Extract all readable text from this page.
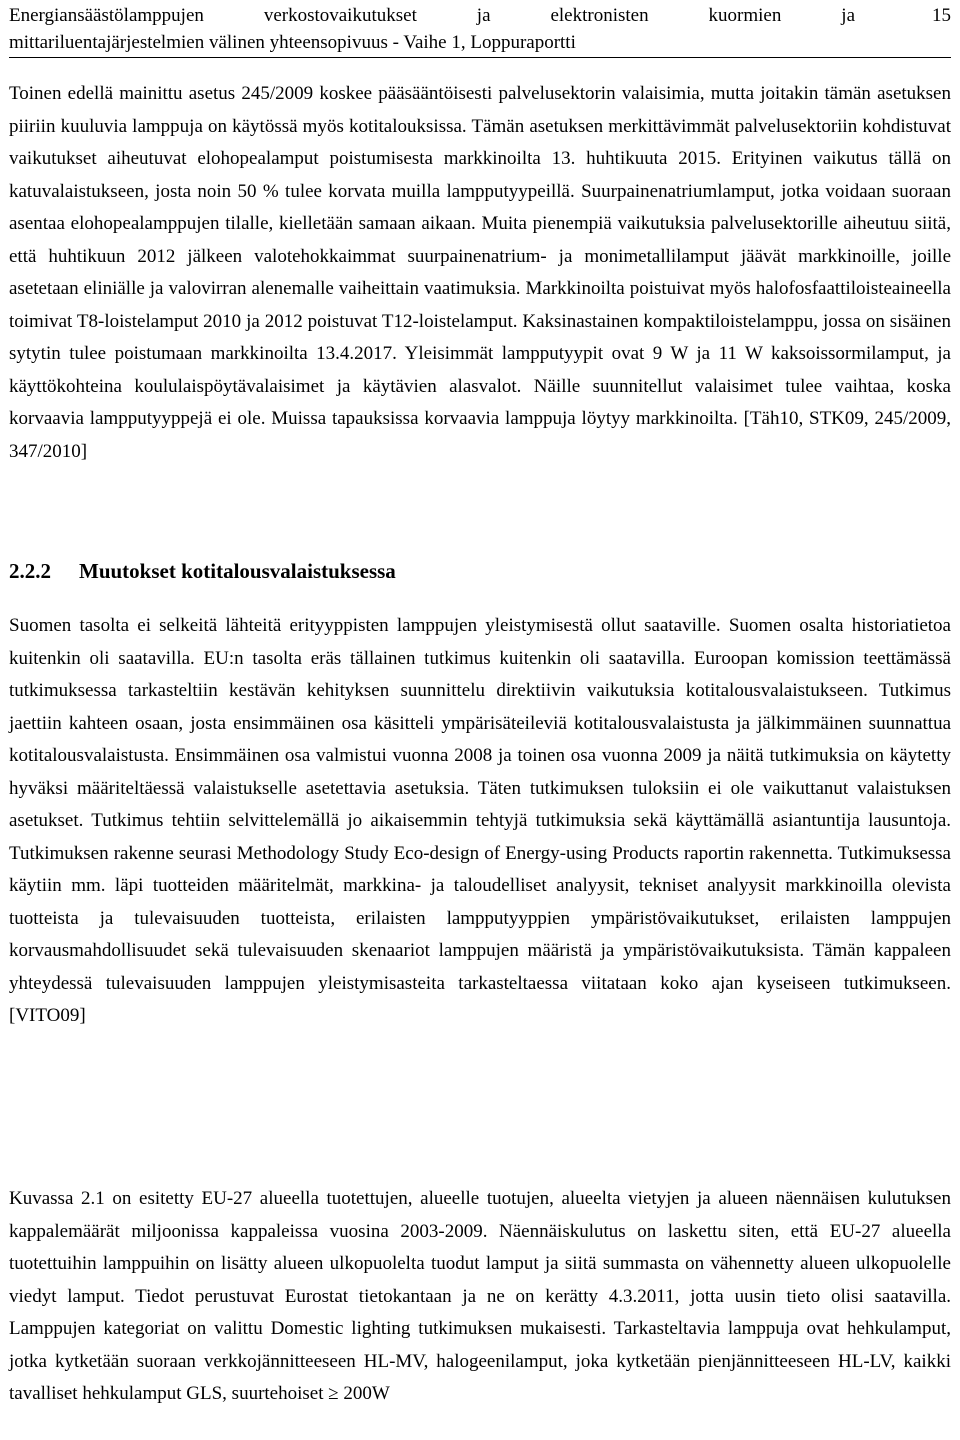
Energiansäästölamppujen verkostovaikutukset ja elektronisten kuormien ja
mittariluentajärjestelmien välinen yhteensopivuus - Vaihe 1, Loppuraportti
15

Toinen edellä mainittu asetus 245/2009 koskee pääsääntöisesti palvelusektorin valaisimia, mutta joitakin tämän asetuksen piiriin kuuluvia lamppuja on käytössä myös kotitalouksissa. Tämän asetuksen merkittävimmät palvelusektoriin kohdistuvat vaikutukset aiheutuvat elohopealamput poistumisesta markkinoilta 13. huhtikuuta 2015. Erityinen vaikutus tällä on katuvalaistukseen, josta noin 50 % tulee korvata muilla lampputyypeillä. Suurpainenatriumlamput, jotka voidaan suoraan asentaa elohopealamppujen tilalle, kielletään samaan aikaan. Muita pienempiä vaikutuksia palvelusektorille aiheutuu siitä, että huhtikuun 2012 jälkeen valotehokkaimmat suurpainenatrium- ja monimetallilamput jäävät markkinoille, joille asetetaan eliniälle ja valovirran alenemalle vaiheittain vaatimuksia. Markkinoilta poistuivat myös halofosfaattiloisteaineella toimivat T8-loistelamput 2010 ja 2012 poistuvat T12-loistelamput. Kaksinastainen kompaktiloistelamppu, jossa on sisäinen sytytin tulee poistumaan markkinoilta 13.4.2017. Yleisimmät lampputyypit ovat 9 W ja 11 W kaksoissormilamput, ja käyttökohteina koululaispöytävalaisimet ja käytävien alasvalot. Näille suunnitellut valaisimet tulee vaihtaa, koska korvaavia lampputyyppejä ei ole. Muissa tapauksissa korvaavia lamppuja löytyy markkinoilta. [Täh10, STK09, 245/2009, 347/2010]

2.2.2 Muutokset kotitalousvalaistuksessa

Suomen tasolta ei selkeitä lähteitä erityyppisten lamppujen yleistymisestä ollut saataville. Suomen osalta historiatietoa kuitenkin oli saatavilla. EU:n tasolta eräs tällainen tutkimus kuitenkin oli saatavilla. Euroopan komission teettämässä tutkimuksessa tarkasteltiin kestävän kehityksen suunnittelu direktiivin vaikutuksia kotitalousvalaistukseen. Tutkimus jaettiin kahteen osaan, josta ensimmäinen osa käsitteli ympärisäteileviä kotitalousvalaistusta ja jälkimmäinen suunnattua kotitalousvalaistusta. Ensimmäinen osa valmistui vuonna 2008 ja toinen osa vuonna 2009 ja näitä tutkimuksia on käytetty hyväksi määriteltäessä valaistukselle asetettavia asetuksia. Täten tutkimuksen tuloksiin ei ole vaikuttanut valaistuksen asetukset. Tutkimus tehtiin selvittelemällä jo aikaisemmin tehtyjä tutkimuksia sekä käyttämällä asiantuntija lausuntoja. Tutkimuksen rakenne seurasi Methodology Study Eco-design of Energy-using Products raportin rakennetta. Tutkimuksessa käytiin mm. läpi tuotteiden määritelmät, markkina- ja taloudelliset analyysit, tekniset analyysit markkinoilla olevista tuotteista ja tulevaisuuden tuotteista, erilaisten lampputyyppien ympäristövaikutukset, erilaisten lamppujen korvausmahdollisuudet sekä tulevaisuuden skenaariot lamppujen määristä ja ympäristövaikutuksista. Tämän kappaleen yhteydessä tulevaisuuden lamppujen yleistymisasteita tarkasteltaessa viitataan koko ajan kyseiseen tutkimukseen. [VITO09]

Kuvassa 2.1 on esitetty EU-27 alueella tuotettujen, alueelle tuotujen, alueelta vietyjen ja alueen näennäisen kulutuksen kappalemäärät miljoonissa kappaleissa vuosina 2003-2009. Näennäiskulutus on laskettu siten, että EU-27 alueella tuotettuihin lamppuihin on lisätty alueen ulkopuolelta tuodut lamput ja siitä summasta on vähennetty alueen ulkopuolelle viedyt lamput. Tiedot perustuvat Eurostat tietokantaan ja ne on kerätty 4.3.2011, jotta uusin tieto olisi saatavilla. Lamppujen kategoriat on valittu Domestic lighting tutkimuksen mukaisesti. Tarkasteltavia lamppuja ovat hehkulamput, jotka kytketään suoraan verkkojännitteeseen HL-MV, halogeenilamput, joka kytketään pienjännitteeseen HL-LV, kaikki tavalliset hehkulamput GLS, suurtehoiset ≥ 200W
